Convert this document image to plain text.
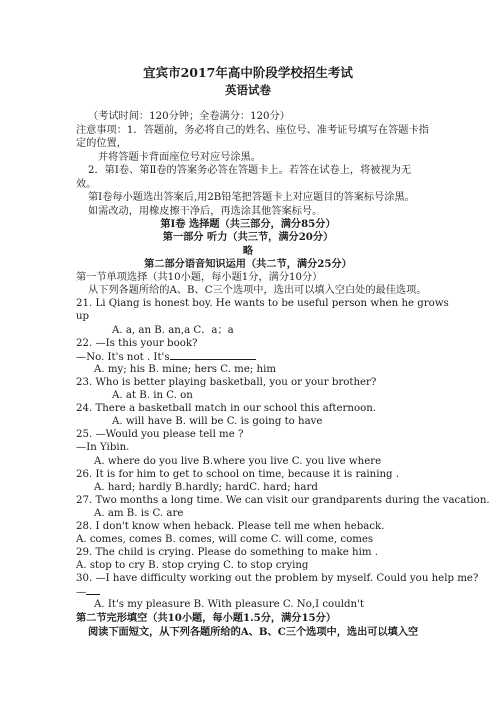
宜宾市2017年高中阶段学校招生考试
英语试卷
（考试时间：120分钟；全卷满分：120分）
注意事项：1．答题前，务必将自己的姓名、座位号、准考证号填写在答题卡指
定的位置，
并将答题卡背面座位号对应号涂黑。
2．第Ⅰ卷、第Ⅱ卷的答案务必答在答题卡上。若答在试卷上，将被视为无
效。
第Ⅰ卷每小题选出答案后,用2B铅笔把答题卡上对应题目的答案标号涂黑。
如需改动，用橡皮擦干净后，再选涂其他答案标号。
第Ⅰ卷 选择题（共三部分，满分85分）
第一部分 听力（共三节，满分20分）
略
第二部分语音知识运用（共二节，满分25分）
第一节单项选择（共10小题，每小题1分，满分10分）
从下列各题所给的A、B、C三个选项中，选出可以填入空白处的最佳选项。
21. Li Qiang is honest boy. He wants to be useful person when he grows
up
A. a, an B. an,a C．a；a
22. —Is this your book?
—No. It's not . It's
A. my; his B. mine; hers C. me; him
23. Who is better playing basketball, you or your brother?
A. at B. in C. on
24. There a basketball match in our school this afternoon.
A. will have B. will be C. is going to have
25. —Would you please tell me ?
—In Yibin.
A. where do you live B.where you live C. you live where
26. It is for him to get to school on time, because it is raining .
A. hard; hardly B.hardly; hardC. hard; hard
27. Two months a long time. We can visit our grandparents during the vacation.
A. am B. is C. are
28. I don't know when heback. Please tell me when heback.
A. comes, comes B. comes, will come C. will come, comes
29. The child is crying. Please do something to make him .
A. stop to cry B. stop crying C. to stop crying
30. —I have difficulty working out the problem by myself. Could you help me?
—
A. It's my pleasure B. With pleasure C. No,I couldn't
第二节完形填空（共10小题，每小题1.5分，满分15分）
阅读下面短文，从下列各题所给的A、B、C三个选项中，选出可以填入空
